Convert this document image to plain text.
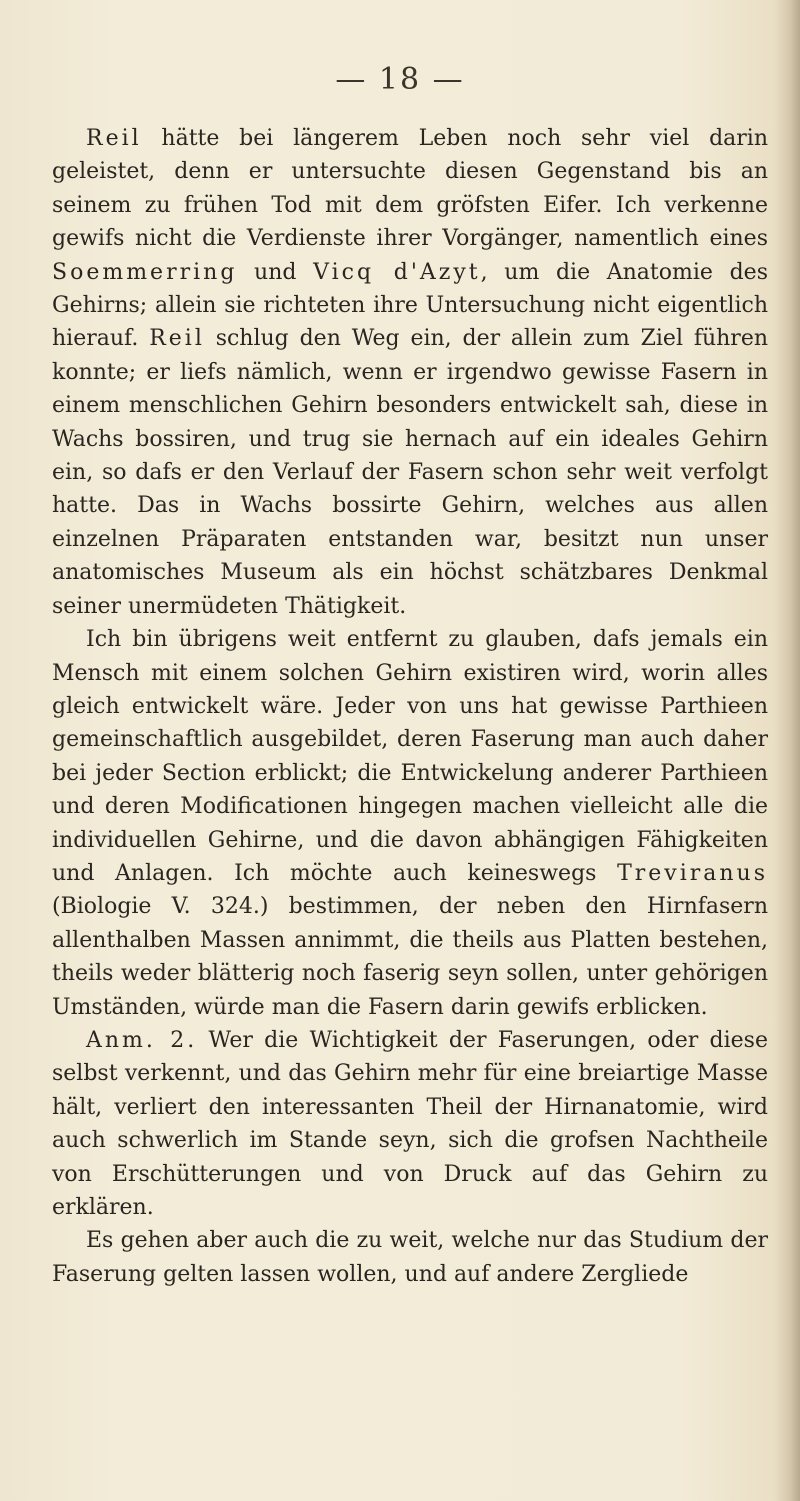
— 18 —

Reil hätte bei längerem Leben noch sehr viel darin geleistet, denn er untersuchte diesen Gegenstand bis an seinem zu frühen Tod mit dem gröfsten Eifer. Ich verkenne gewifs nicht die Verdienste ihrer Vorgänger, namentlich eines Soemmerring und Vicq d'Azyt, um die Anatomie des Gehirns; allein sie richteten ihre Untersuchung nicht eigentlich hierauf. Reil schlug den Weg ein, der allein zum Ziel führen konnte; er liefs nämlich, wenn er irgendwo gewisse Fasern in einem menschlichen Gehirn besonders entwickelt sah, diese in Wachs bossiren, und trug sie hernach auf ein ideales Gehirn ein, so dafs er den Verlauf der Fasern schon sehr weit verfolgt hatte. Das in Wachs bossirte Gehirn, welches aus allen einzelnen Präparaten entstanden war, besitzt nun unser anatomisches Museum als ein höchst schätzbares Denkmal seiner unermüdeten Thätigkeit.

Ich bin übrigens weit entfernt zu glauben, dafs jemals ein Mensch mit einem solchen Gehirn existiren wird, worin alles gleich entwickelt wäre. Jeder von uns hat gewisse Parthieen gemeinschaftlich ausgebildet, deren Faserung man auch daher bei jeder Section erblickt; die Entwickelung anderer Parthieen und deren Modificationen hingegen machen vielleicht alle die individuellen Gehirne, und die davon abhängigen Fähigkeiten und Anlagen. Ich möchte auch keineswegs Treviranus (Biologie V. 324.) bestimmen, der neben den Hirnfasern allenthalben Massen annimmt, die theils aus Platten bestehen, theils weder blätterig noch faserig seyn sollen, unter gehörigen Umständen, würde man die Fasern darin gewifs erblicken.

Anm. 2. Wer die Wichtigkeit der Faserungen, oder diese selbst verkennt, und das Gehirn mehr für eine breiartige Masse hält, verliert den interessanten Theil der Hirnanatomie, wird auch schwerlich im Stande seyn, sich die grofsen Nachtheile von Erschütterungen und von Druck auf das Gehirn zu erklären.

Es gehen aber auch die zu weit, welche nur das Studium der Faserung gelten lassen wollen, und auf andere Zergliede
